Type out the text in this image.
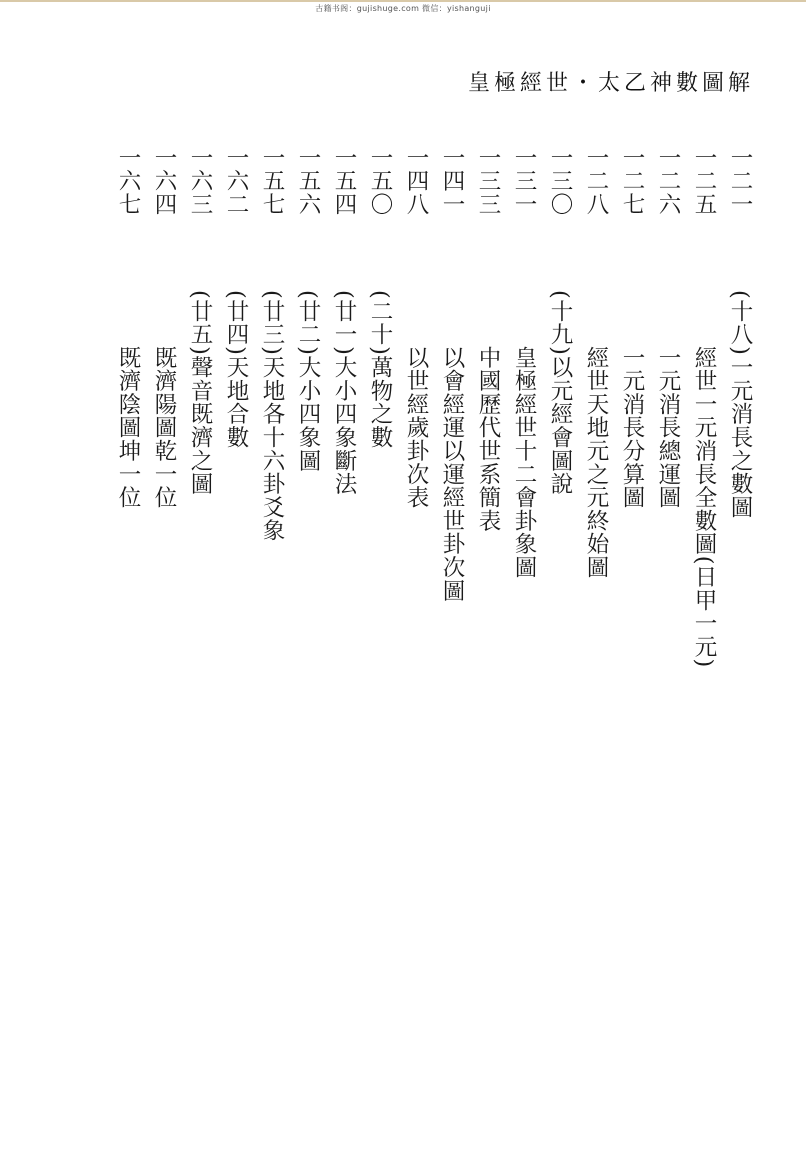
古籍书阁：gujishuge.com 微信：yishanguji
皇極經世・太乙神數圖解
一二一(十八)一元消長之數圖
一二五經世一元消長全數圖(日甲一元)
一二六一元消長總運圖
一二七一元消長分算圖
一二八經世天地元之元終始圖
一三〇(十九)以元經會圖說
一三一皇極經世十二會卦象圖
一三三中國歷代世系簡表
一四一以會經運以運經世卦次圖
一四八以世經歲卦次表
一五〇(二十)萬物之數
一五四(廿一)大小四象斷法
一五六(廿二)大小四象圖
一五七(廿三)天地各十六卦爻象
一六二(廿四)天地合數
一六三(廿五)聲音既濟之圖
一六四既濟陽圖乾一位
一六七既濟陰圖坤一位
